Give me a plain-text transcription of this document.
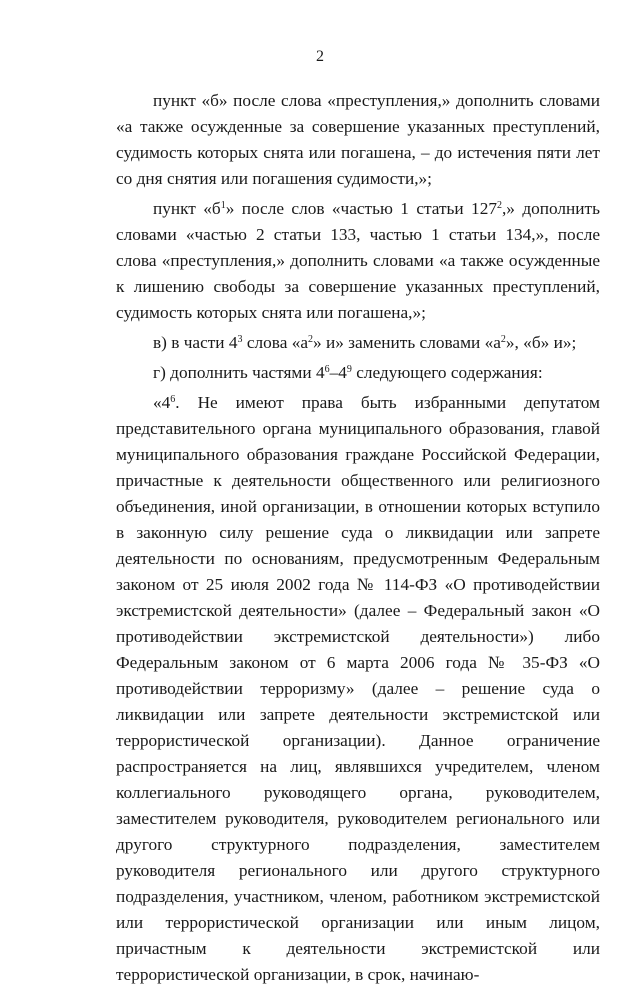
2

пункт «б» после слова «преступления,» дополнить словами «а также осужденные за совершение указанных преступлений, судимость которых снята или погашена, – до истечения пяти лет со дня снятия или погашения судимости,»;

пункт «$б^1$» после слов «частью 1 статьи $127^2$,» дополнить словами «частью 2 статьи 133, частью 1 статьи 134,», после слова «преступления,» дополнить словами «а также осужденные к лишению свободы за совершение указанных преступлений, судимость которых снята или погашена,»;

в) в части $4^3$ слова «$а^2$» и» заменить словами «$а^2$», «б» и»;

г) дополнить частями $4^6-4^9$ следующего содержания:

«$4^6$. Не имеют права быть избранными депутатом представительного органа муниципального образования, главой муниципального образования граждане Российской Федерации, причастные к деятельности общественного или религиозного объединения, иной организации, в отношении которых вступило в законную силу решение суда о ликвидации или запрете деятельности по основаниям, предусмотренным Федеральным законом от 25 июля 2002 года № 114-ФЗ «О противодействии экстремистской деятельности» (далее – Федеральный закон «О противодействии экстремистской деятельности») либо Федеральным законом от 6 марта 2006 года № 35-ФЗ «О противодействии терроризму» (далее – решение суда о ликвидации или запрете деятельности экстремистской или террористической организации). Данное ограничение распространяется на лиц, являвшихся учредителем, членом коллегиального руководящего органа, руководителем, заместителем руководителя, руководителем регионального или другого структурного подразделения, заместителем руководителя регионального или другого структурного подразделения, участником, членом, работником экстремистской или террористической организации или иным лицом, причастным к деятельности экстремистской или террористической организации, в срок, начинаю-
